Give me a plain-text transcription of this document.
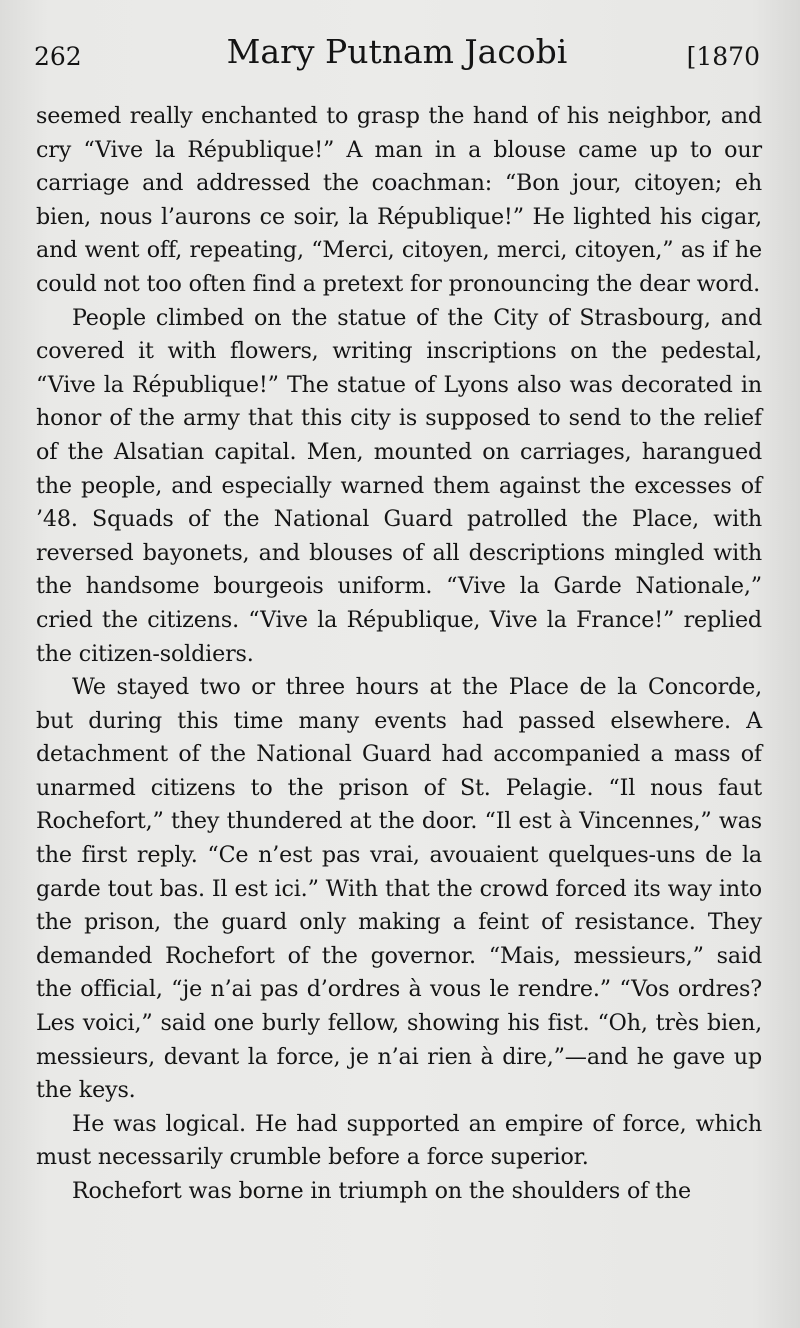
262	Mary Putnam Jacobi	[1870

seemed really enchanted to grasp the hand of his neighbor, and cry “Vive la République!” A man in a blouse came up to our carriage and addressed the coachman: “Bon jour, citoyen; eh bien, nous l’aurons ce soir, la République!” He lighted his cigar, and went off, repeating, “Merci, citoyen, merci, citoyen,” as if he could not too often find a pretext for pronouncing the dear word.

People climbed on the statue of the City of Strasbourg, and covered it with flowers, writing inscriptions on the pedestal, “Vive la République!” The statue of Lyons also was decorated in honor of the army that this city is supposed to send to the relief of the Alsatian capital. Men, mounted on carriages, harangued the people, and especially warned them against the excesses of ’48. Squads of the National Guard patrolled the Place, with reversed bayonets, and blouses of all descriptions mingled with the handsome bourgeois uniform. “Vive la Garde Nationale,” cried the citizens. “Vive la République, Vive la France!” replied the citizen-soldiers.

We stayed two or three hours at the Place de la Concorde, but during this time many events had passed elsewhere. A detachment of the National Guard had accompanied a mass of unarmed citizens to the prison of St. Pelagie. “Il nous faut Rochefort,” they thundered at the door. “Il est à Vincennes,” was the first reply. “Ce n’est pas vrai, avouaient quelques-uns de la garde tout bas. Il est ici.” With that the crowd forced its way into the prison, the guard only making a feint of resistance. They demanded Rochefort of the governor. “Mais, messieurs,” said the official, “je n’ai pas d’ordres à vous le rendre.” “Vos ordres? Les voici,” said one burly fellow, showing his fist. “Oh, très bien, messieurs, devant la force, je n’ai rien à dire,”—and he gave up the keys.

He was logical. He had supported an empire of force, which must necessarily crumble before a force superior.

Rochefort was borne in triumph on the shoulders of the
